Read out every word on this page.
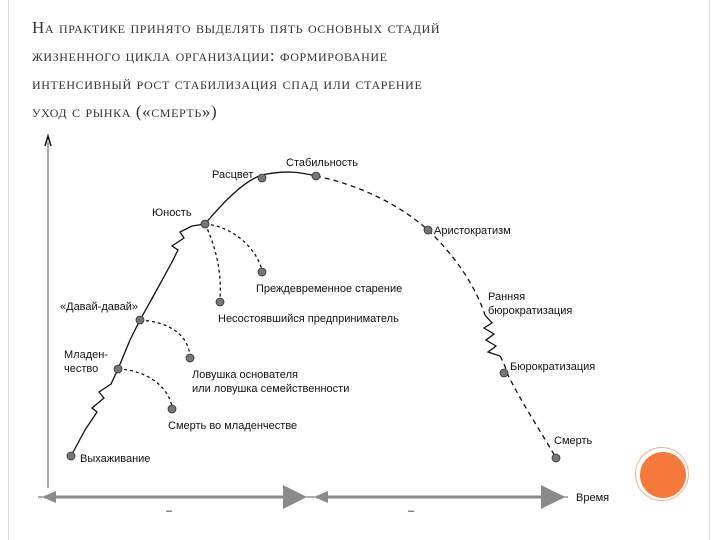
На практике принято выделять пять основных стадий
жизненного цикла организации: формирование
интенсивный рост стабилизация спад или старение
уход с рынка («смерть»)
Выхаживание
Младен-
чество
«Давай-давай»
Юность
Расцвет
Стабильность
Аристократизм
Ранняя
бюрократизация
Бюрократизация
Смерть
Преждевременное старение
Несостоявшийся предприниматель
Ловушка основателя
или ловушка семейственности
Смерть во младенчестве
Время
–	–
